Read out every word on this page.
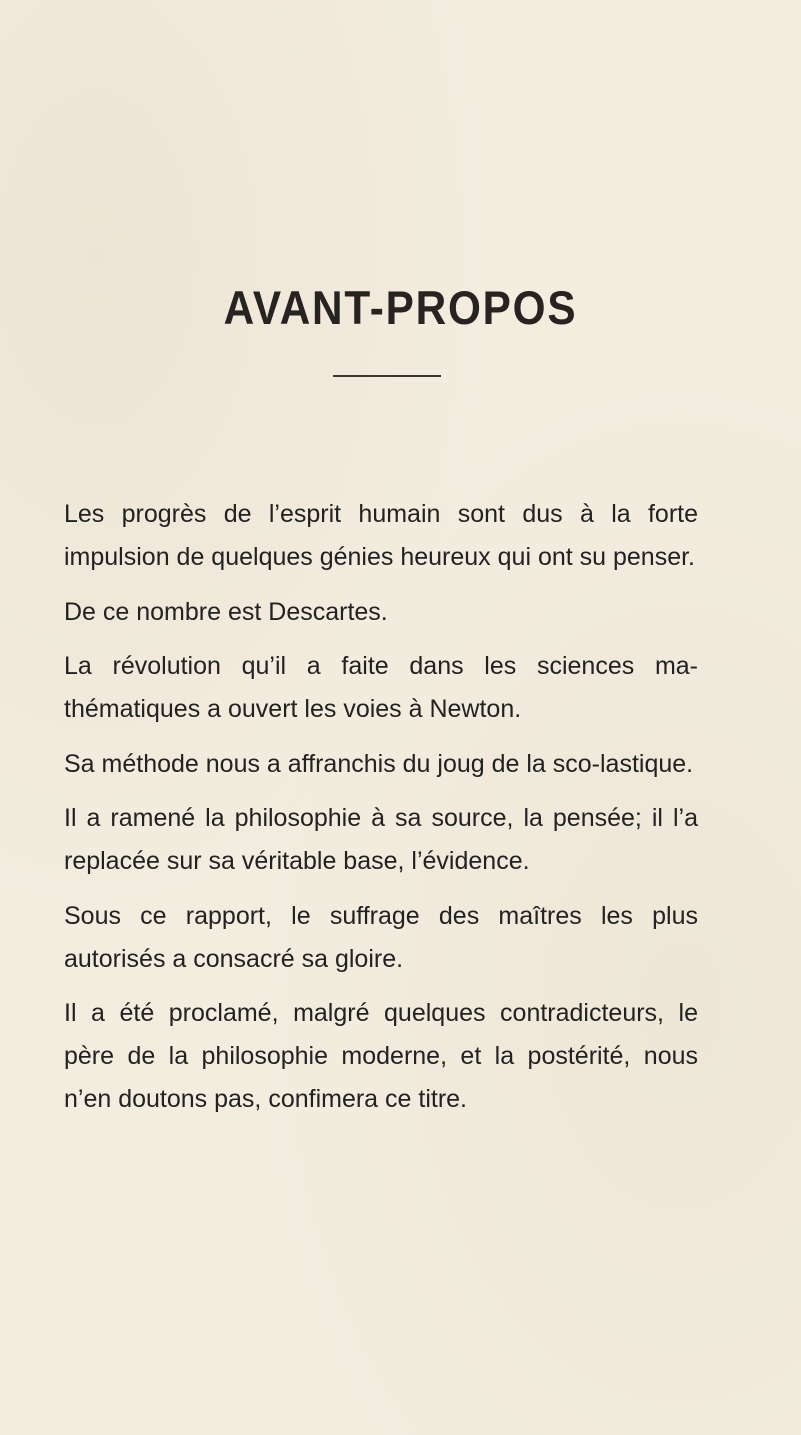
AVANT-PROPOS

Les progrès de l’esprit humain sont dus à la forte impulsion de quelques génies heureux qui ont su penser.

De ce nombre est Descartes.

La révolution qu’il a faite dans les sciences ma-thématiques a ouvert les voies à Newton.

Sa méthode nous a affranchis du joug de la sco-lastique.

Il a ramené la philosophie à sa source, la pensée; il l’a replacée sur sa véritable base, l’évidence.

Sous ce rapport, le suffrage des maîtres les plus autorisés a consacré sa gloire.

Il a été proclamé, malgré quelques contradicteurs, le père de la philosophie moderne, et la postérité, nous n’en doutons pas, confimera ce titre.
